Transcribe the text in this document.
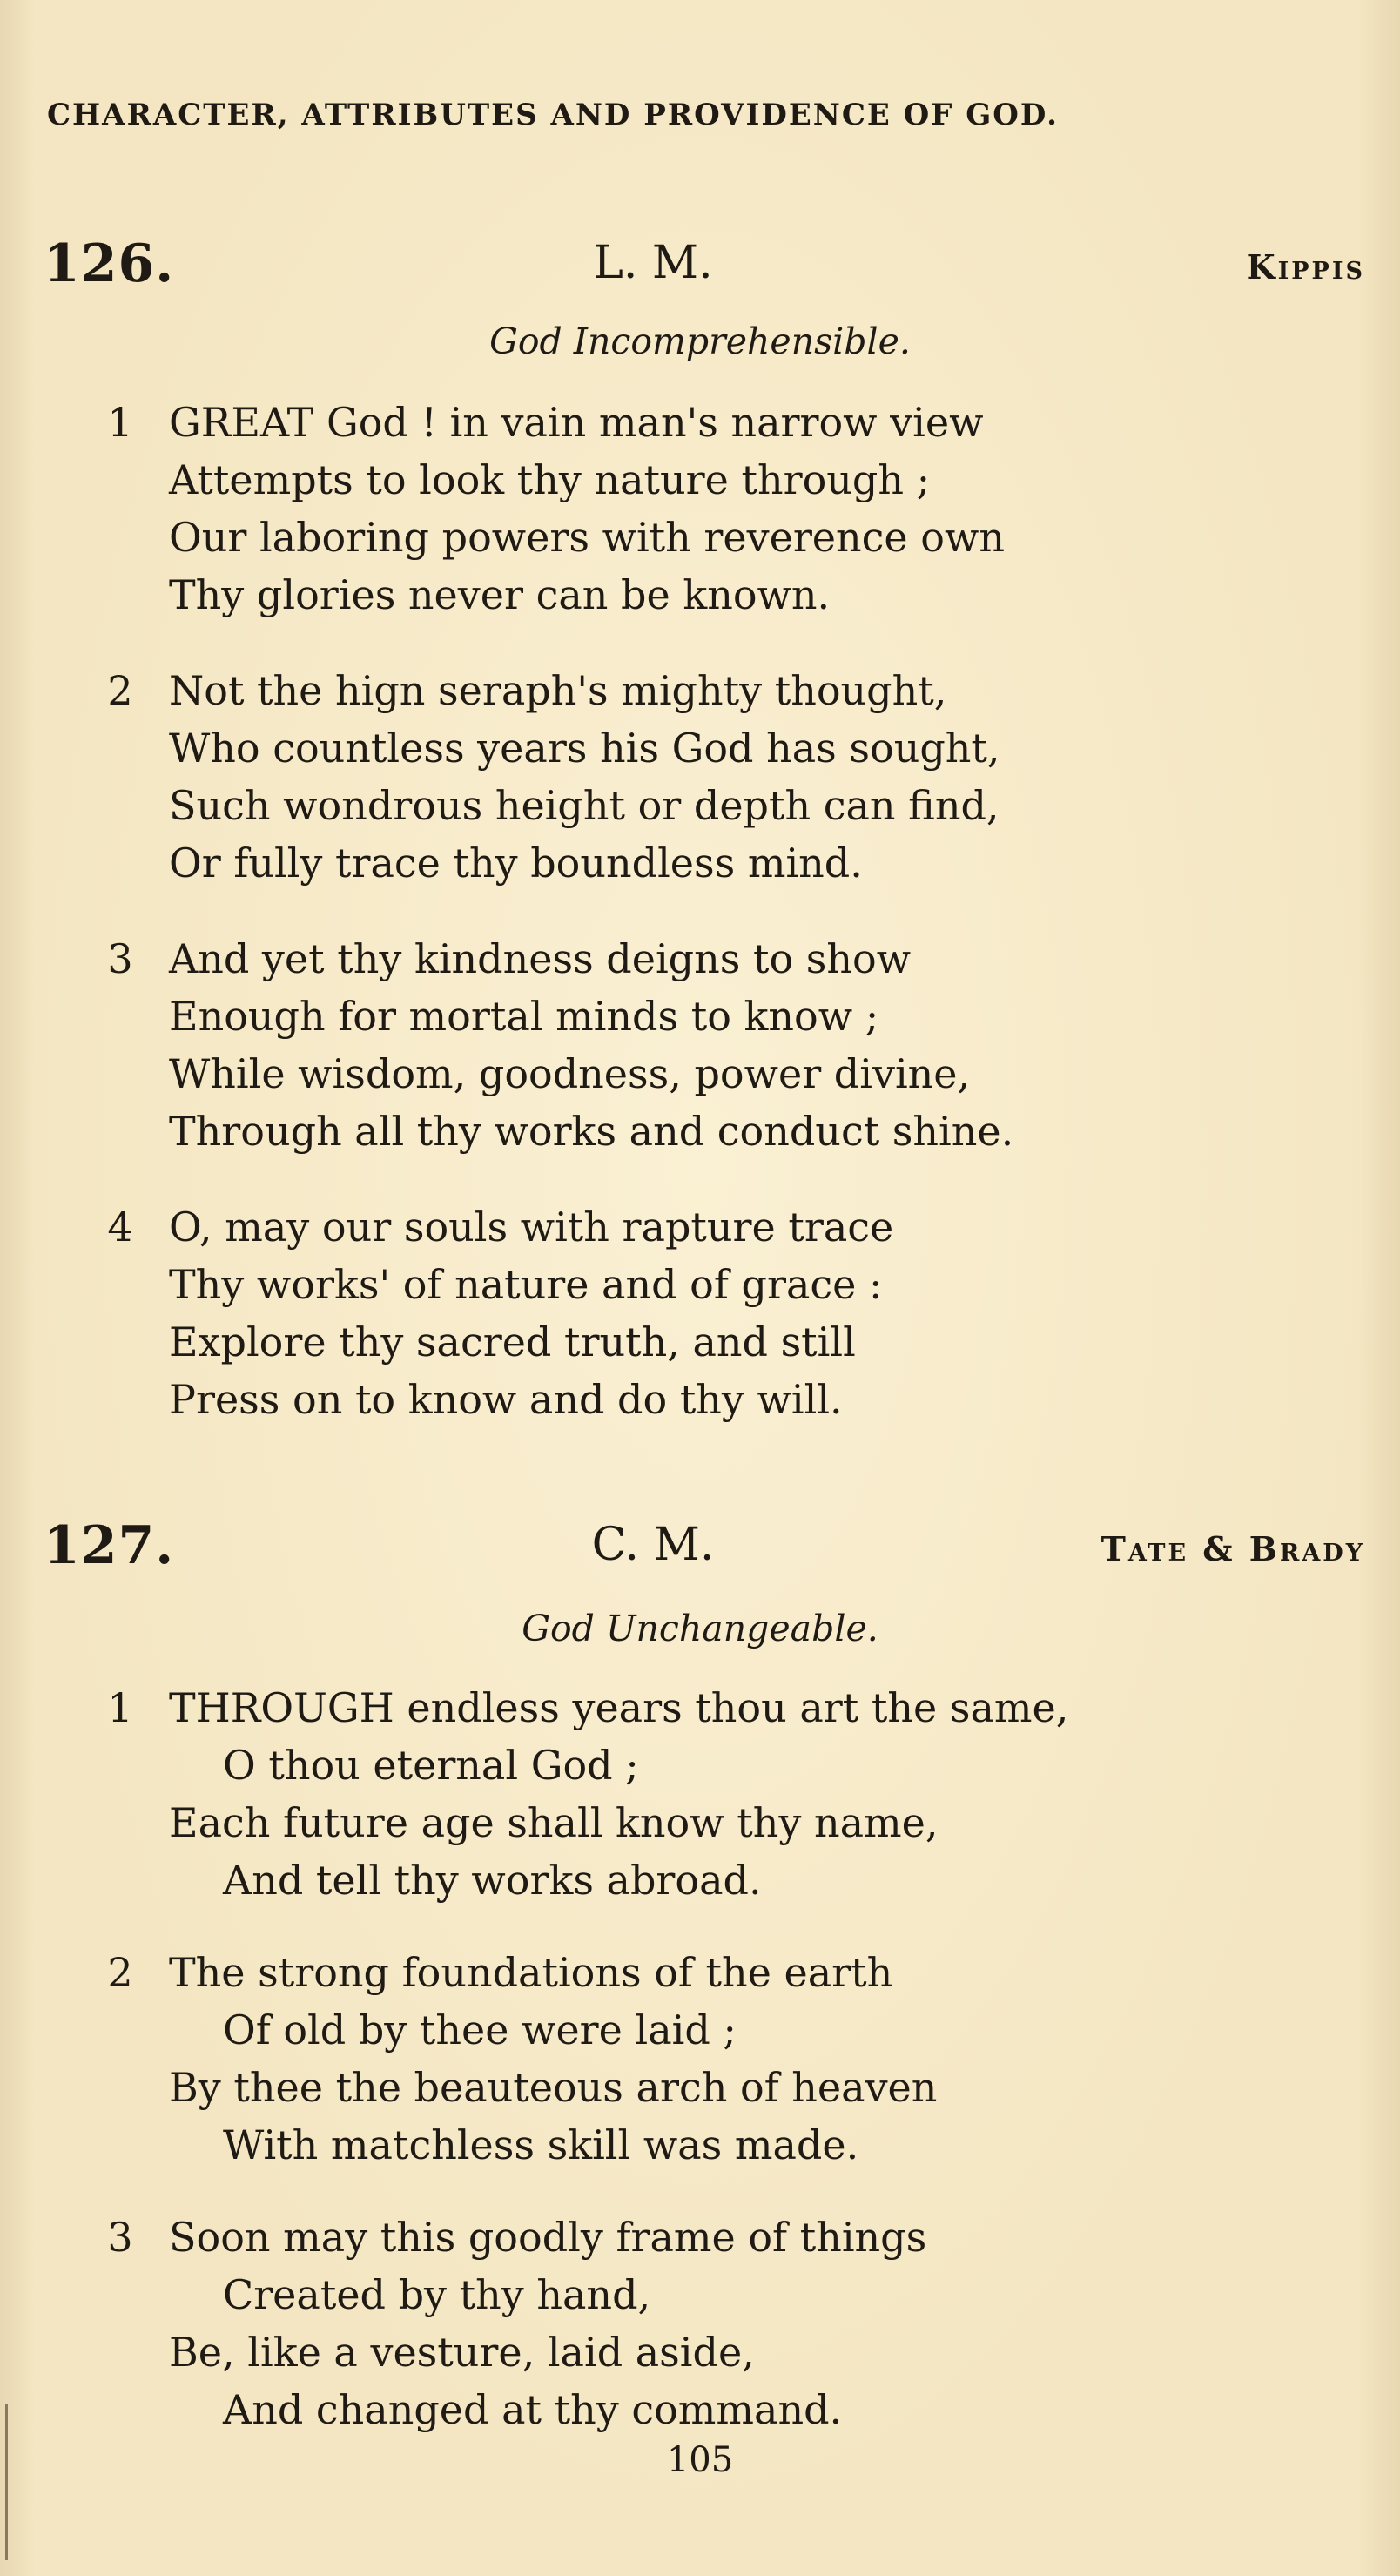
CHARACTER, ATTRIBUTES AND PROVIDENCE OF GOD.
126.	L. M.	Kippis
God Incomprehensible.
1 GREAT God ! in vain man's narrow view
Attempts to look thy nature through ;
Our laboring powers with reverence own
Thy glories never can be known.
2 Not the hign seraph's mighty thought,
Who countless years his God has sought,
Such wondrous height or depth can find,
Or fully trace thy boundless mind.
3 And yet thy kindness deigns to show
Enough for mortal minds to know ;
While wisdom, goodness, power divine,
Through all thy works and conduct shine.
4 O, may our souls with rapture trace
Thy works' of nature and of grace :
Explore thy sacred truth, and still
Press on to know and do thy will.
127.	C. M.	Tate & Brady
God Unchangeable.
1 THROUGH endless years thou art the same,
O thou eternal God ;
Each future age shall know thy name,
And tell thy works abroad.
2 The strong foundations of the earth
Of old by thee were laid ;
By thee the beauteous arch of heaven
With matchless skill was made.
3 Soon may this goodly frame of things
Created by thy hand,
Be, like a vesture, laid aside,
And changed at thy command.
105
